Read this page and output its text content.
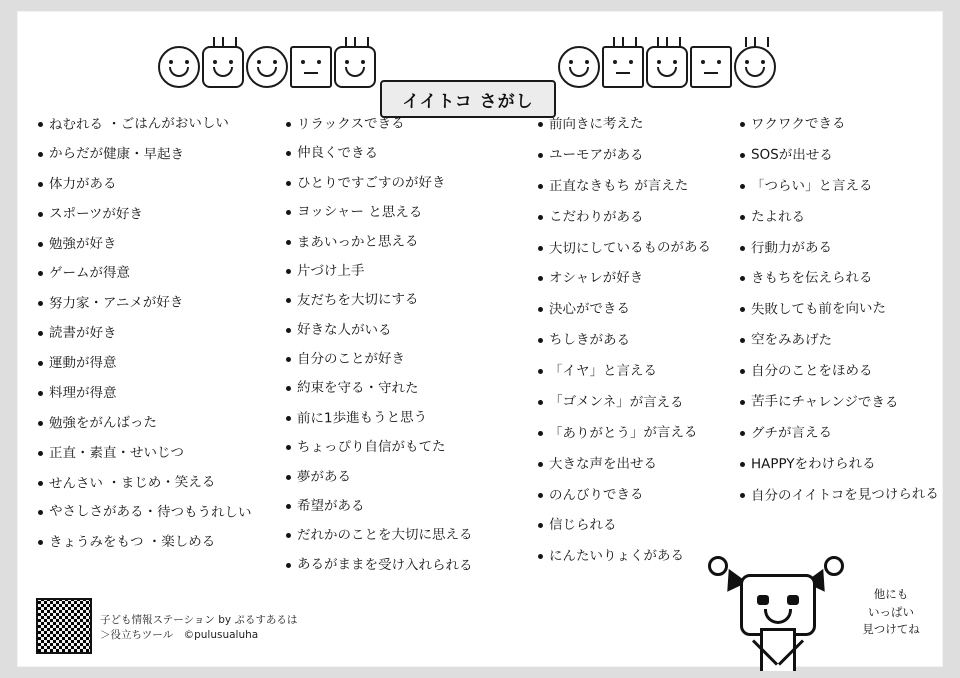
イイトコ さがし
ねむれる ・ごはんがおいしい
からだが健康・早起き
体力がある
スポーツが好き
勉強が好き
ゲームが得意
努力家・アニメが好き
読書が好き
運動が得意
料理が得意
勉強をがんばった
正直・素直・せいじつ
せんさい ・まじめ・笑える
やさしさがある・待つもうれしい
きょうみをもつ ・楽しめる
リラックスできる
仲良くできる
ひとりですごすのが好き
ヨッシャー と思える
まあいっかと思える
片づけ上手
友だちを大切にする
好きな人がいる
自分のことが好き
約束を守る・守れた
前に1歩進もうと思う
ちょっぴり自信がもてた
夢がある
希望がある
だれかのことを大切に思える
あるがままを受け入れられる
前向きに考えた
ユーモアがある
正直なきもち が言えた
こだわりがある
大切にしているものがある
オシャレが好き
決心ができる
ちしきがある
「イヤ」と言える
「ゴメンネ」が言える
「ありがとう」が言える
大きな声を出せる
のんびりできる
信じられる
にんたいりょくがある
ワクワクできる
SOSが出せる
「つらい」と言える
たよれる
行動力がある
きもちを伝えられる
失敗しても前を向いた
空をみあげた
自分のことをほめる
苦手にチャレンジできる
グチが言える
HAPPYをわけられる
自分のイイトコを見つけられる
子ども情報ステーション by ぷるすあるは
＞役立ちツール　©pulusualuha
他にも
いっぱい
見つけてね
